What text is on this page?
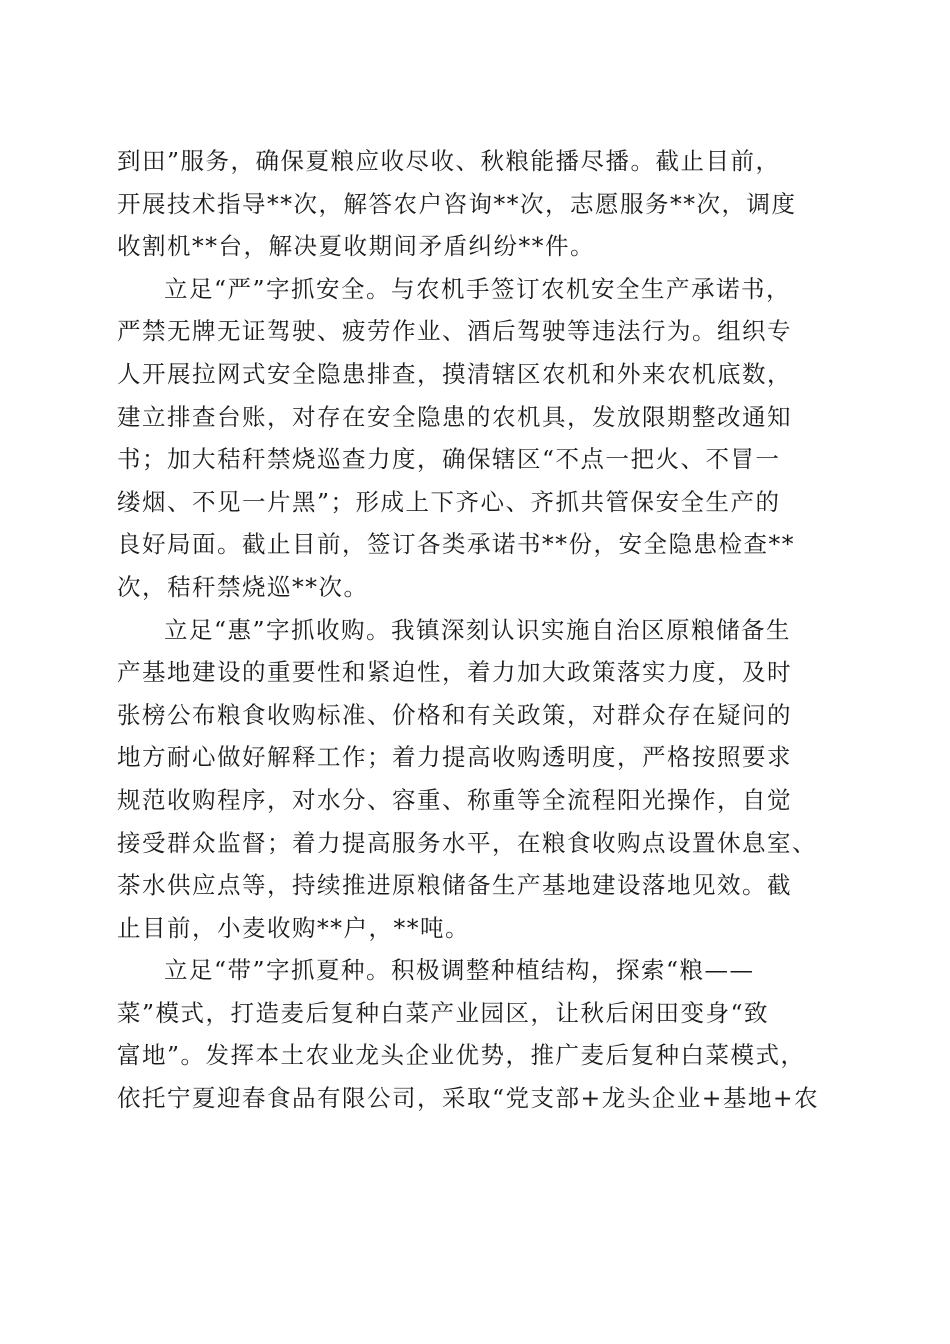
到田”服务，确保夏粮应收尽收、秋粮能播尽播。截止目前，
开展技术指导**次，解答农户咨询**次，志愿服务**次，调度
收割机**台，解决夏收期间矛盾纠纷**件。

立足“严”字抓安全。与农机手签订农机安全生产承诺书，
严禁无牌无证驾驶、疲劳作业、酒后驾驶等违法行为。组织专
人开展拉网式安全隐患排查，摸清辖区农机和外来农机底数，
建立排查台账，对存在安全隐患的农机具，发放限期整改通知
书；加大秸秆禁烧巡查力度，确保辖区“不点一把火、不冒一
缕烟、不见一片黑”；形成上下齐心、齐抓共管保安全生产的
良好局面。截止目前，签订各类承诺书**份，安全隐患检查**
次，秸秆禁烧巡**次。

立足“惠”字抓收购。我镇深刻认识实施自治区原粮储备生
产基地建设的重要性和紧迫性，着力加大政策落实力度，及时
张榜公布粮食收购标准、价格和有关政策，对群众存在疑问的
地方耐心做好解释工作；着力提高收购透明度，严格按照要求
规范收购程序，对水分、容重、称重等全流程阳光操作，自觉
接受群众监督；着力提高服务水平，在粮食收购点设置休息室、
茶水供应点等，持续推进原粮储备生产基地建设落地见效。截
止目前，小麦收购**户，**吨。

立足“带”字抓夏种。积极调整种植结构，探索“粮——
菜”模式，打造麦后复种白菜产业园区，让秋后闲田变身“致
富地”。发挥本土农业龙头企业优势，推广麦后复种白菜模式，
依托宁夏迎春食品有限公司，采取“党支部+龙头企业+基地+农
